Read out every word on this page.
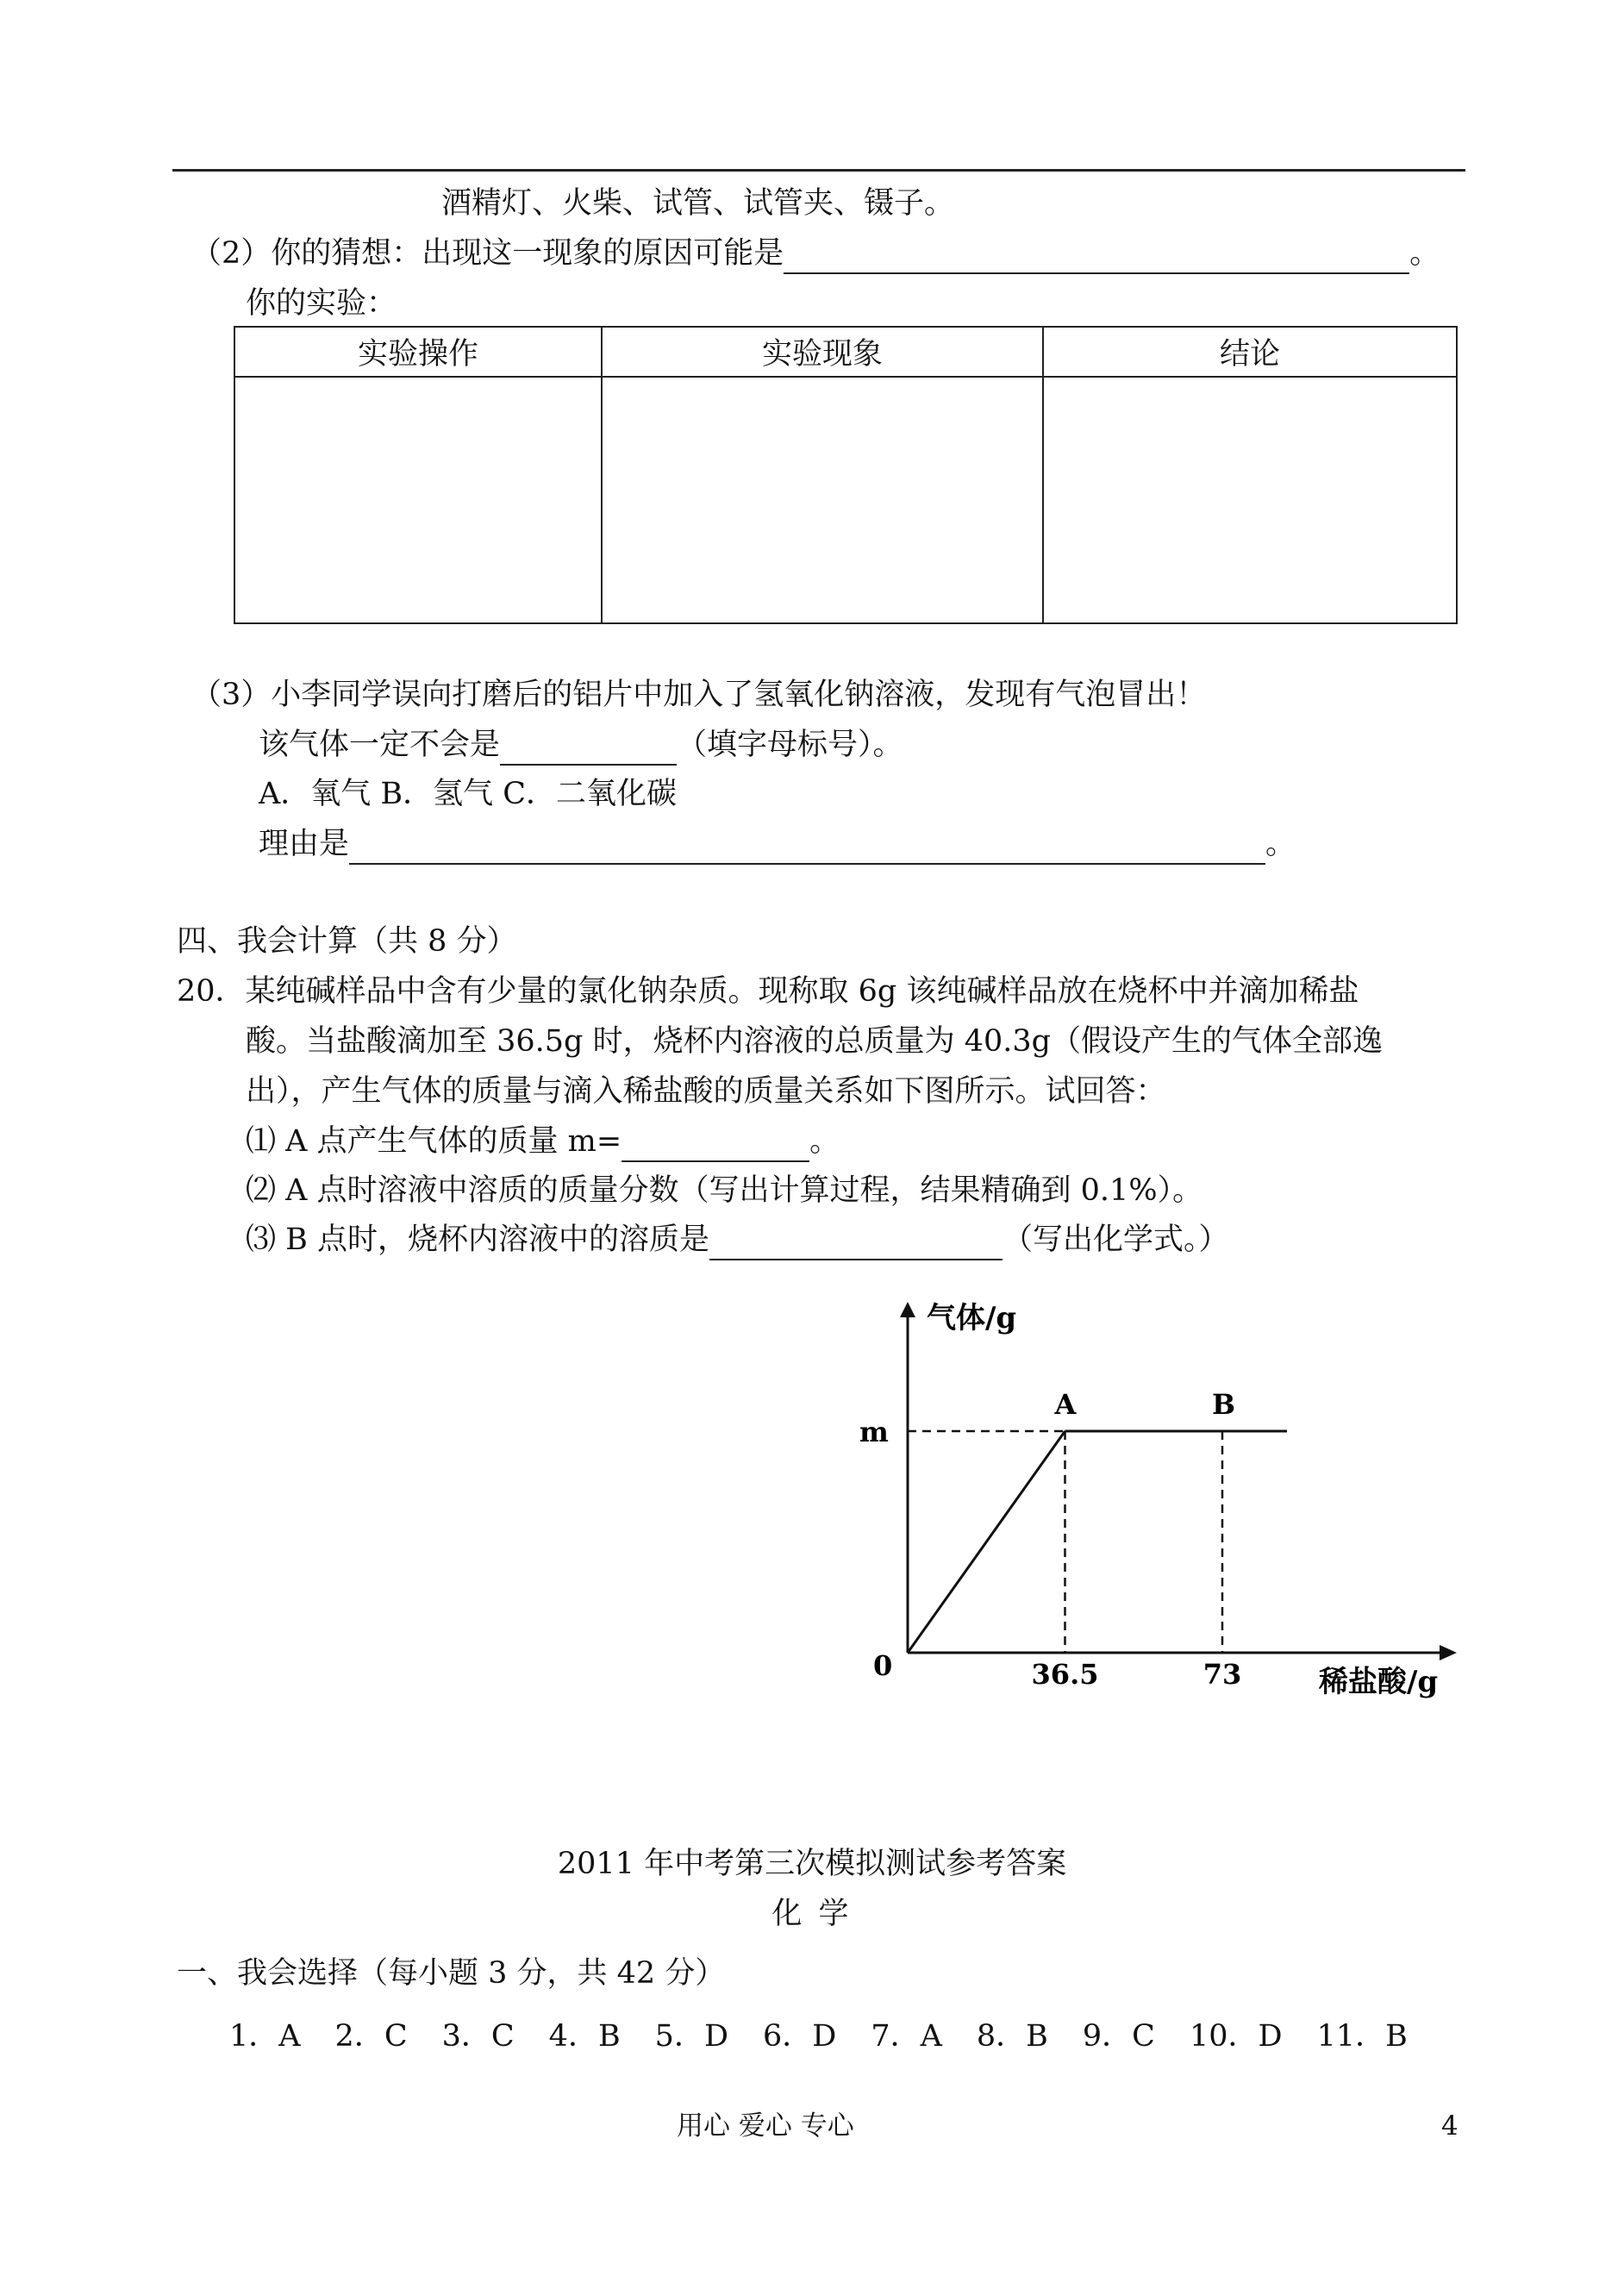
酒精灯、火柴、试管、试管夹、镊子。
（2）你的猜想：出现这一现象的原因可能是	。
你的实验：
实验操作	实验现象	结论

（3）小李同学误向打磨后的铝片中加入了氢氧化钠溶液，发现有气泡冒出！
该气体一定不会是	（填字母标号）。
A．氧气 B．氢气 C．二氧化碳
理由是	。
四、我会计算（共 8 分）
20．某纯碱样品中含有少量的氯化钠杂质。现称取 6g 该纯碱样品放在烧杯中并滴加稀盐
酸。当盐酸滴加至 36.5g 时，烧杯内溶液的总质量为 40.3g（假设产生的气体全部逸
出），产生气体的质量与滴入稀盐酸的质量关系如下图所示。试回答：
⑴ A 点产生气体的质量 m=	。
⑵ A 点时溶液中溶质的质量分数（写出计算过程，结果精确到 0.1%）。
⑶ B 点时，烧杯内溶液中的溶质是	（写出化学式。）
气体/g
稀盐酸/g
0
m
A	B
36.5	73
2011 年中考第三次模拟测试参考答案
化 学
一、我会选择（每小题 3 分，共 42 分）
1．A 2．C 3．C 4．B 5．D 6．D 7．A 8．B 9．C 10．D 11．B
用心 爱心 专心	4
